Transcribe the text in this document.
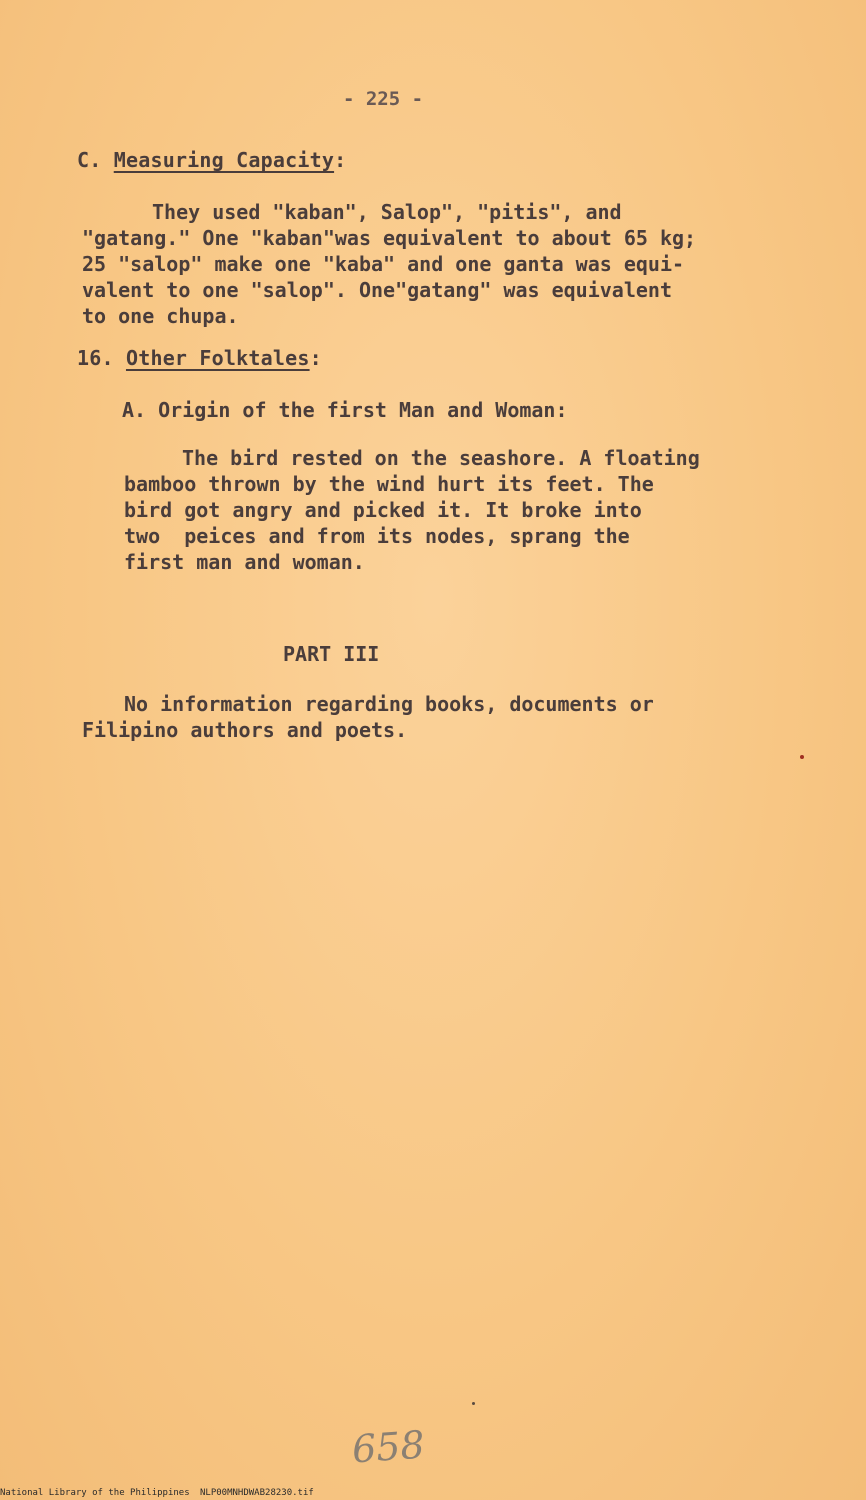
- 225 -
C. Measuring Capacity:
They used "kaban", Salop", "pitis", and
"gatang." One "kaban"was equivalent to about 65 kg;
25 "salop" make one "kaba" and one ganta was equi-
valent to one "salop". One"gatang" was equivalent
to one chupa.
16. Other Folktales:
A. Origin of the first Man and Woman:
The bird rested on the seashore. A floating
bamboo thrown by the wind hurt its feet. The
bird got angry and picked it. It broke into
two  peices and from its nodes, sprang the
first man and woman.
PART III
No information regarding books, documents or
Filipino authors and poets.
658
National Library of the Philippines NLP00MNHDWAB28230.tif
